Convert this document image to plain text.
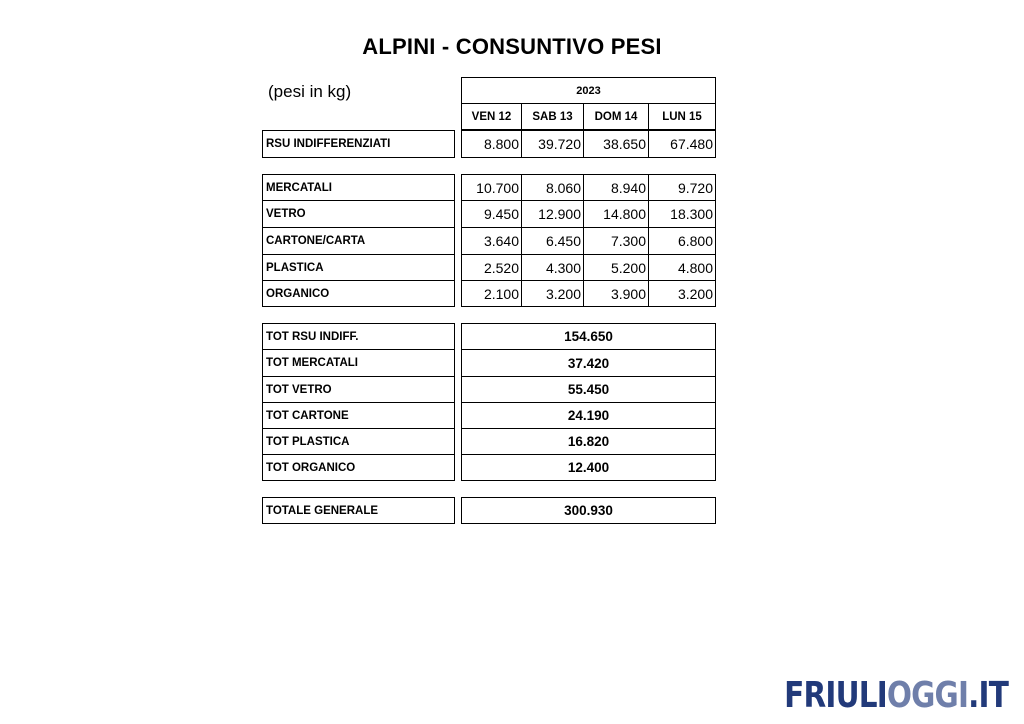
ALPINI - CONSUNTIVO PESI
(pesi in kg)	2023
VEN 12	SAB 13	DOM 14	LUN 15
RSU INDIFFERENZIATI	8.800	39.720	38.650	67.480
MERCATALI	10.700	8.060	8.940	9.720
VETRO	9.450	12.900	14.800	18.300
CARTONE/CARTA	3.640	6.450	7.300	6.800
PLASTICA	2.520	4.300	5.200	4.800
ORGANICO	2.100	3.200	3.900	3.200
TOT RSU INDIFF.	154.650
TOT MERCATALI	37.420
TOT VETRO	55.450
TOT CARTONE	24.190
TOT PLASTICA	16.820
TOT ORGANICO	12.400
TOTALE GENERALE	300.930
FRIULIOGGI.IT
